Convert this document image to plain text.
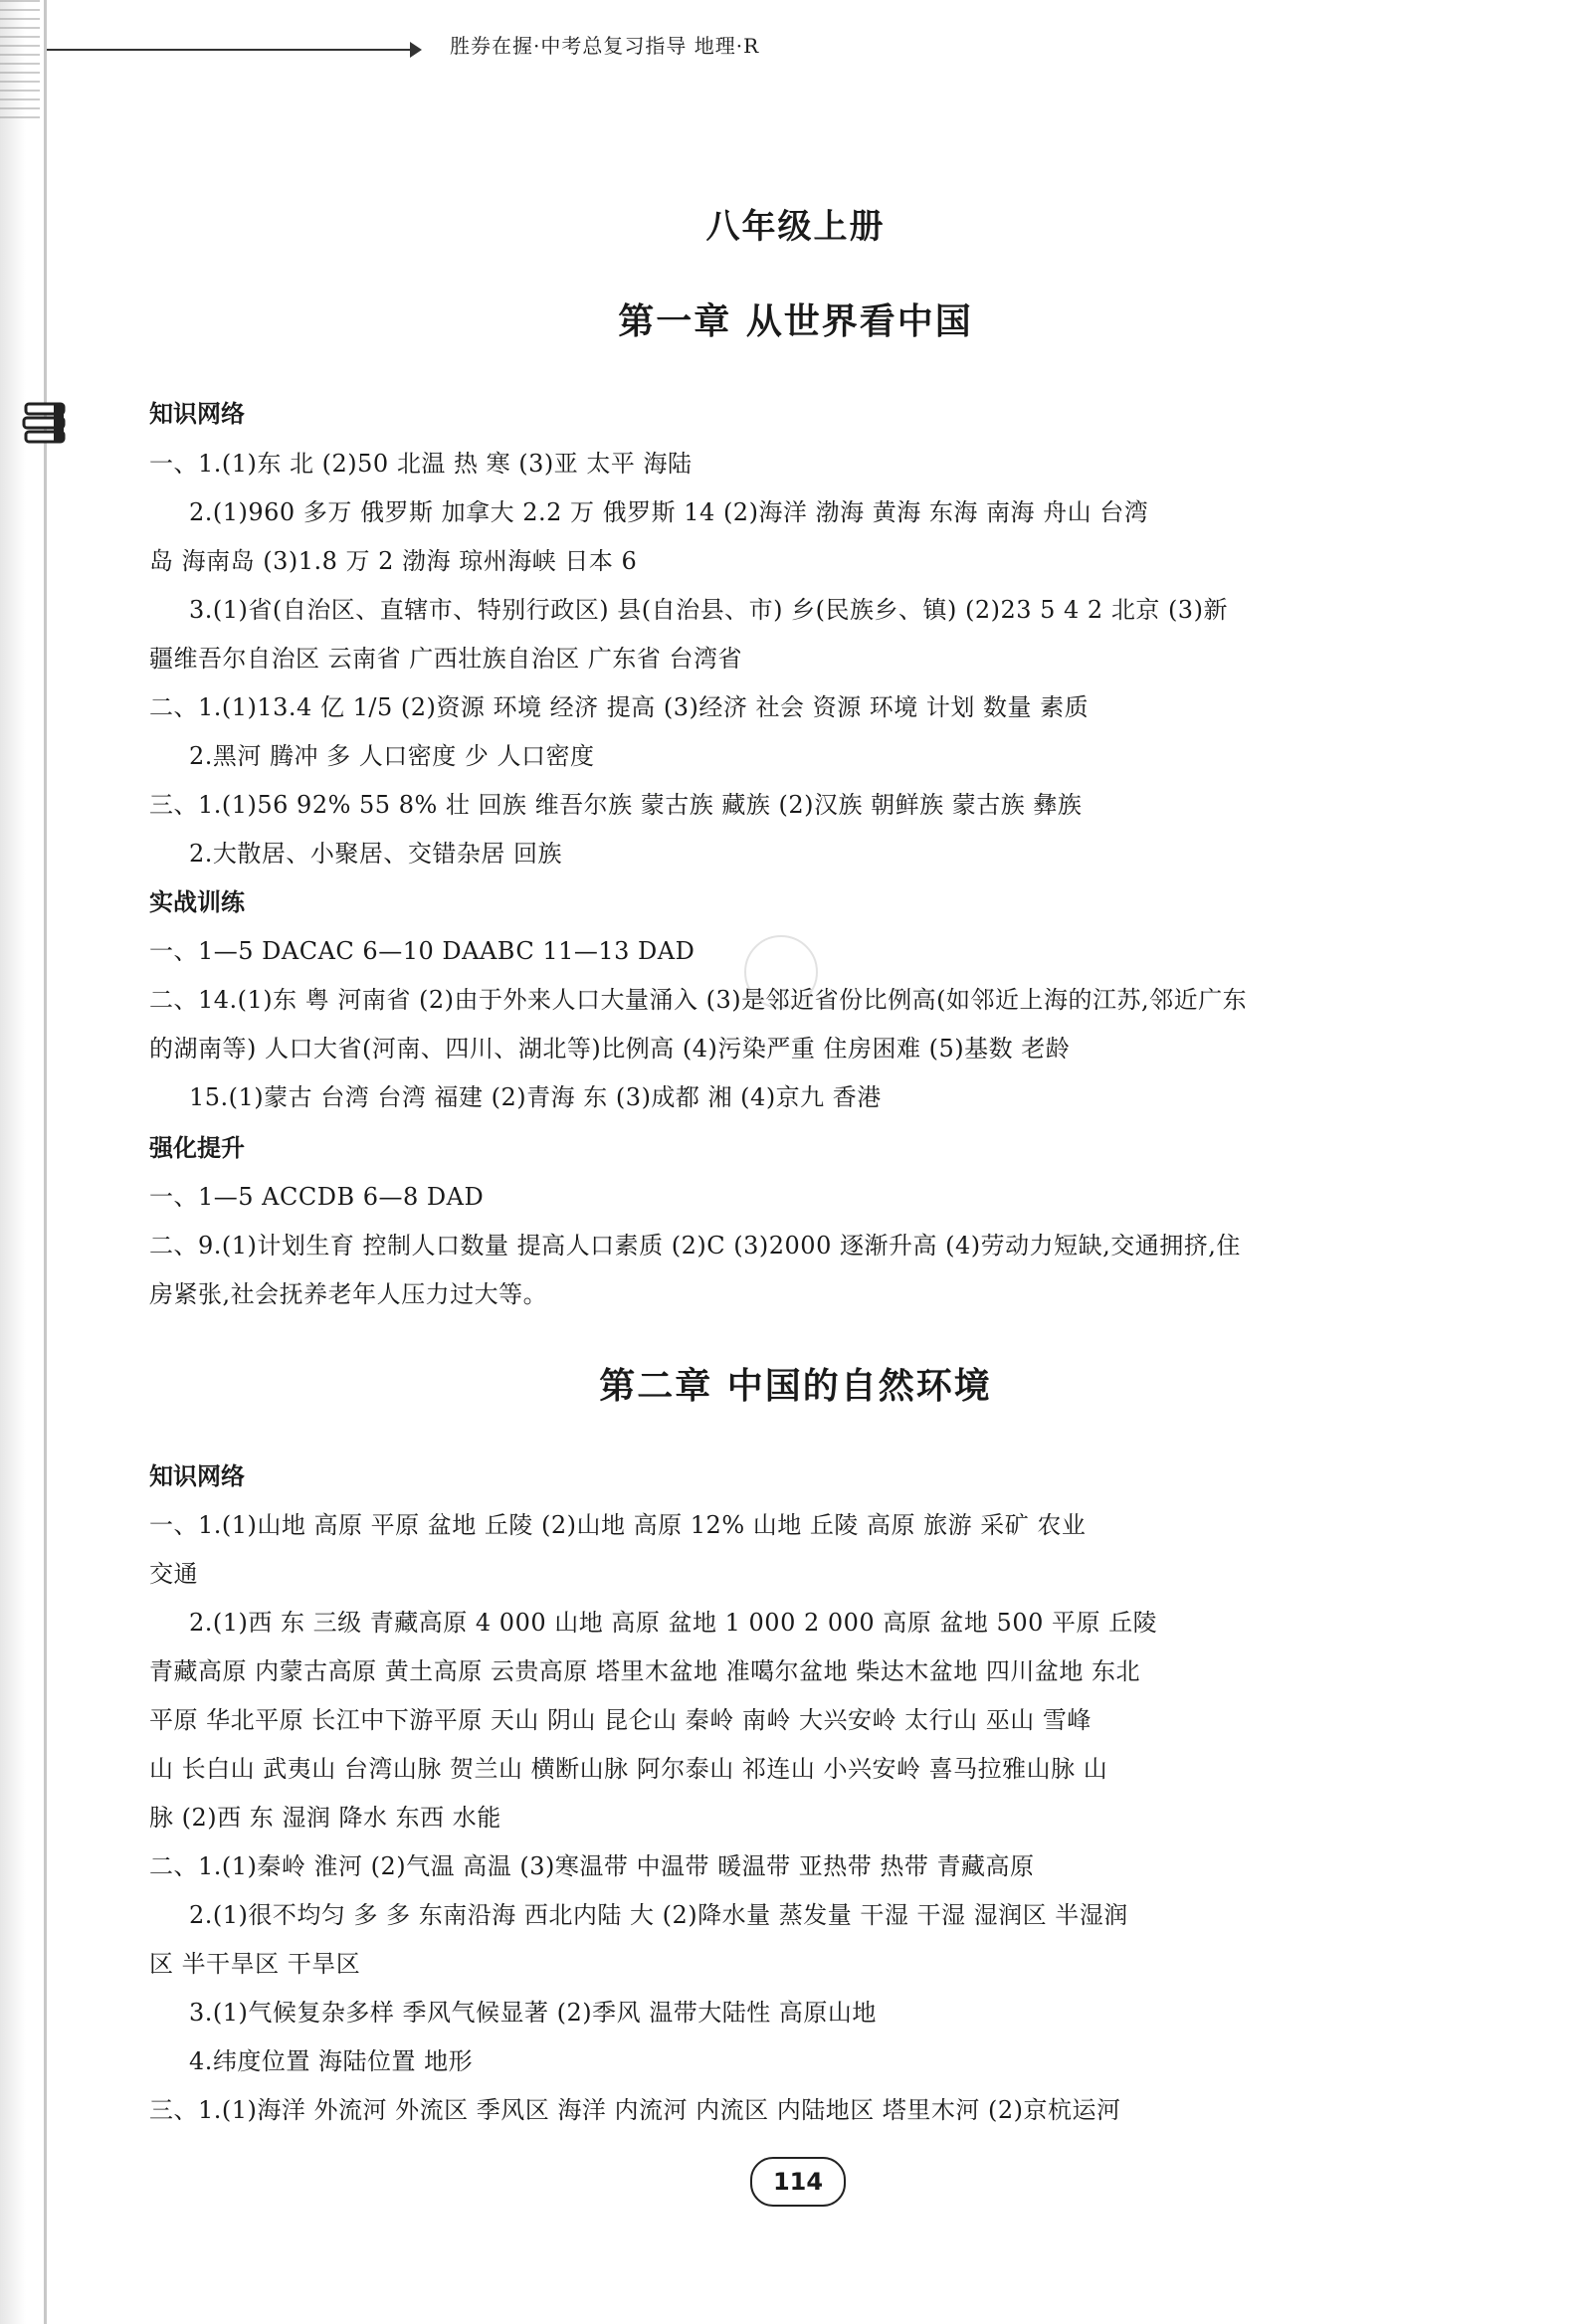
胜券在握·中考总复习指导 地理·R
八年级上册
第一章 从世界看中国
知识网络
一、1.(1)东 北 (2)50 北温 热 寒 (3)亚 太平 海陆
2.(1)960 多万 俄罗斯 加拿大 2.2 万 俄罗斯 14 (2)海洋 渤海 黄海 东海 南海 舟山 台湾
岛 海南岛 (3)1.8 万 2 渤海 琼州海峡 日本 6
3.(1)省(自治区、直辖市、特别行政区) 县(自治县、市) 乡(民族乡、镇) (2)23 5 4 2 北京 (3)新
疆维吾尔自治区 云南省 广西壮族自治区 广东省 台湾省
二、1.(1)13.4 亿 1/5 (2)资源 环境 经济 提高 (3)经济 社会 资源 环境 计划 数量 素质
2.黑河 腾冲 多 人口密度 少 人口密度
三、1.(1)56 92% 55 8% 壮 回族 维吾尔族 蒙古族 藏族 (2)汉族 朝鲜族 蒙古族 彝族
2.大散居、小聚居、交错杂居 回族
实战训练
一、1—5 DACAC 6—10 DAABC 11—13 DAD
二、14.(1)东 粤 河南省 (2)由于外来人口大量涌入 (3)是邻近省份比例高(如邻近上海的江苏,邻近广东
的湖南等) 人口大省(河南、四川、湖北等)比例高 (4)污染严重 住房困难 (5)基数 老龄
15.(1)蒙古 台湾 台湾 福建 (2)青海 东 (3)成都 湘 (4)京九 香港
强化提升
一、1—5 ACCDB 6—8 DAD
二、9.(1)计划生育 控制人口数量 提高人口素质 (2)C (3)2000 逐渐升高 (4)劳动力短缺,交通拥挤,住
房紧张,社会抚养老年人压力过大等。
第二章 中国的自然环境
知识网络
一、1.(1)山地 高原 平原 盆地 丘陵 (2)山地 高原 12% 山地 丘陵 高原 旅游 采矿 农业
交通
2.(1)西 东 三级 青藏高原 4 000 山地 高原 盆地 1 000 2 000 高原 盆地 500 平原 丘陵
青藏高原 内蒙古高原 黄土高原 云贵高原 塔里木盆地 准噶尔盆地 柴达木盆地 四川盆地 东北
平原 华北平原 长江中下游平原 天山 阴山 昆仑山 秦岭 南岭 大兴安岭 太行山 巫山 雪峰
山 长白山 武夷山 台湾山脉 贺兰山 横断山脉 阿尔泰山 祁连山 小兴安岭 喜马拉雅山脉 山
脉 (2)西 东 湿润 降水 东西 水能
二、1.(1)秦岭 淮河 (2)气温 高温 (3)寒温带 中温带 暖温带 亚热带 热带 青藏高原
2.(1)很不均匀 多 多 东南沿海 西北内陆 大 (2)降水量 蒸发量 干湿 干湿 湿润区 半湿润
区 半干旱区 干旱区
3.(1)气候复杂多样 季风气候显著 (2)季风 温带大陆性 高原山地
4.纬度位置 海陆位置 地形
三、1.(1)海洋 外流河 外流区 季风区 海洋 内流河 内流区 内陆地区 塔里木河 (2)京杭运河
114
